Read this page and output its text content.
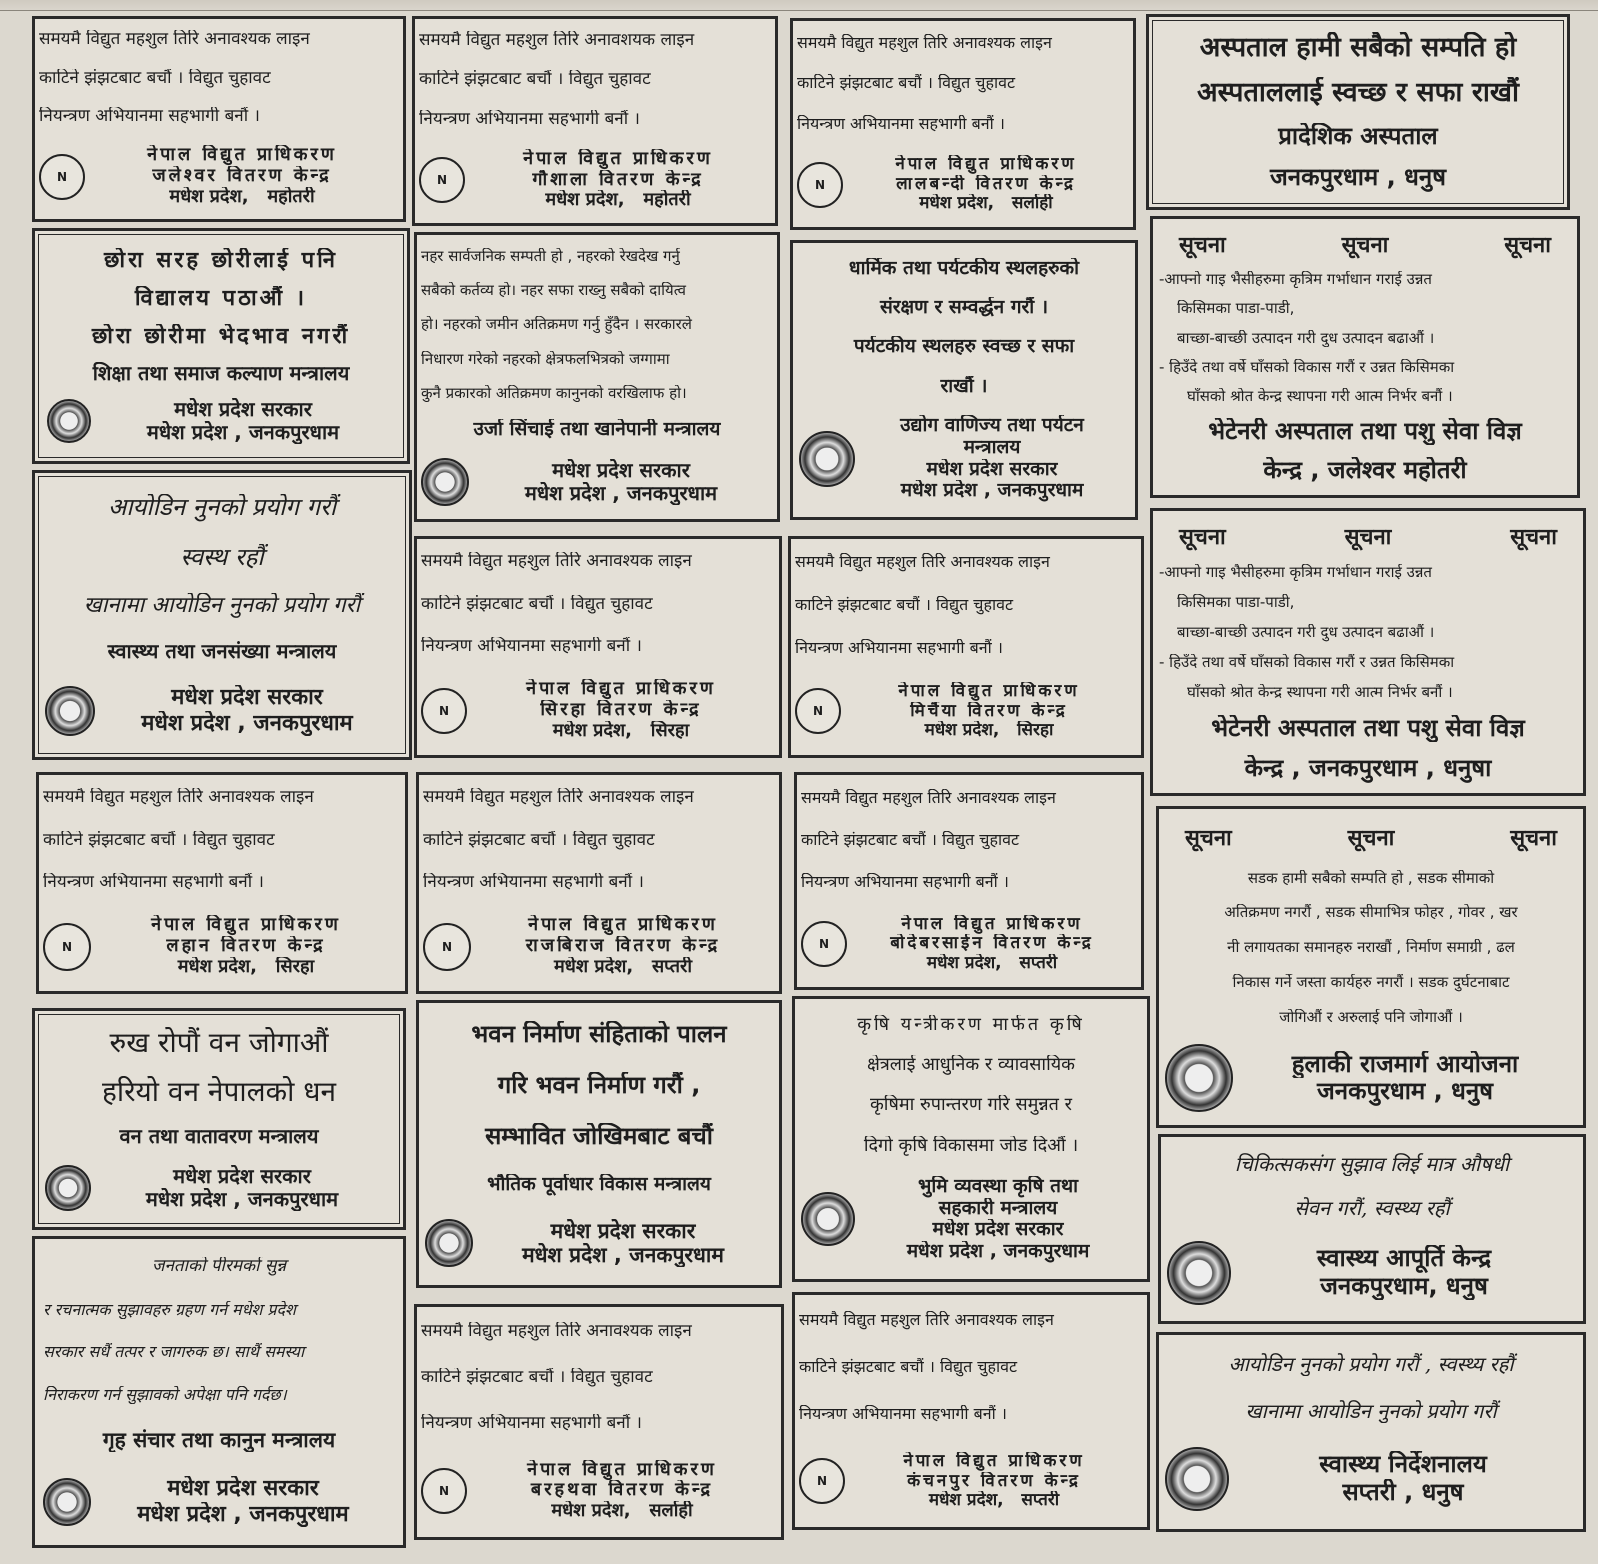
समयमै विद्युत महशुल तिरि अनावश्यक लाइन
काटिने झंझटबाट बचौं । विद्युत चुहावट
नियन्त्रण अभियानमा सहभागी बनौं ।
N
नेपाल विद्युत प्राधिकरण
जलेश्वर वितरण केन्द्र
मधेश प्रदेश, महोतरी
छोरा सरह छोरीलाई पनि
विद्यालय पठाऔं ।
छोरा छोरीमा भेदभाव नगरौं
शिक्षा तथा समाज कल्याण मन्त्रालय
मधेश प्रदेश सरकार
मधेश प्रदेश , जनकपुरधाम
आयोडिन नुनको प्रयोग गरौं
स्वस्थ रहौं
खानामा आयोडिन नुनको प्रयोग गरौं
स्वास्थ्य तथा जनसंख्या मन्त्रालय
मधेश प्रदेश सरकार
मधेश प्रदेश , जनकपुरधाम
समयमै विद्युत महशुल तिरि अनावश्यक लाइन
काटिने झंझटबाट बचौं । विद्युत चुहावट
नियन्त्रण अभियानमा सहभागी बनौं ।
N
नेपाल विद्युत प्राधिकरण
लहान वितरण केन्द्र
मधेश प्रदेश, सिरहा
रुख रोपौं वन जोगाऔं
हरियो वन नेपालको धन
वन तथा वातावरण मन्त्रालय
मधेश प्रदेश सरकार
मधेश प्रदेश , जनकपुरधाम
जनताको पीरमर्का सुन्न
र रचनात्मक सुझावहरु ग्रहण गर्न मधेश प्रदेश
सरकार सधैं तत्पर र जागरुक छ। साथैं समस्या
निराकरण गर्न सुझावको अपेक्षा पनि गर्दछ।
गृह संचार तथा कानुन मन्त्रालय
मधेश प्रदेश सरकार
मधेश प्रदेश , जनकपुरधाम
समयमै विद्युत महशुल तिरि अनावशयक लाइन
काटिने झंझटबाट बचौं । विद्युत चुहावट
नियन्त्रण अभियानमा सहभागी बनौं ।
N
नेपाल विद्युत प्राधिकरण
गौशाला वितरण केन्द्र
मधेश प्रदेश, महोतरी
नहर सार्वजनिक सम्पती हो , नहरको रेखदेख गर्नु
सबैको कर्तव्य हो। नहर सफा राख्नु सबैको दायित्व
हो। नहरको जमीन अतिक्रमण गर्नु हुँदैन । सरकारले
निधारण गरेको नहरको क्षेत्रफलभित्रको जग्गामा
कुनै प्रकारको अतिक्रमण कानुनको वरखिलाफ हो।
उर्जा सिंचाई तथा खानेपानी मन्त्रालय
मधेश प्रदेश सरकार
मधेश प्रदेश , जनकपुरधाम
समयमै विद्युत महशुल तिरि अनावश्यक लाइन
काटिने झंझटबाट बचौं । विद्युत चुहावट
नियन्त्रण अभियानमा सहभागी बनौं ।
N
नेपाल विद्युत प्राधिकरण
सिरहा वितरण केन्द्र
मधेश प्रदेश, सिरहा
समयमै विद्युत महशुल तिरि अनावश्यक लाइन
काटिने झंझटबाट बचौं । विद्युत चुहावट
नियन्त्रण अभियानमा सहभागी बनौं ।
N
नेपाल विद्युत प्राधिकरण
राजबिराज वितरण केन्द्र
मधेश प्रदेश, सप्तरी
भवन निर्माण संहिताको पालन
गरि भवन निर्माण गरौं ,
सम्भावित जोखिमबाट बचौं
भौतिक पूर्वाधार विकास मन्त्रालय
मधेश प्रदेश सरकार
मधेश प्रदेश , जनकपुरधाम
समयमै विद्युत महशुल तिरि अनावश्यक लाइन
काटिने झंझटबाट बचौं । विद्युत चुहावट
नियन्त्रण अभियानमा सहभागी बनौं ।
N
नेपाल विद्युत प्राधिकरण
बरहथवा वितरण केन्द्र
मधेश प्रदेश, सर्लाही
समयमै विद्युत महशुल तिरि अनावश्यक लाइन
काटिने झंझटबाट बचौं । विद्युत चुहावट
नियन्त्रण अभियानमा सहभागी बनौं ।
N
नेपाल विद्युत प्राधिकरण
लालबन्दी वितरण केन्द्र
मधेश प्रदेश, सर्लाही
धार्मिक तथा पर्यटकीय स्थलहरुको
संरक्षण र सम्वर्द्धन गरौं ।
पर्यटकीय स्थलहरु स्वच्छ र सफा
राखौं ।
उद्योग वाणिज्य तथा पर्यटन
मन्त्रालय
मधेश प्रदेश सरकार
मधेश प्रदेश , जनकपुरधाम
समयमै विद्युत महशुल तिरि अनावश्यक लाइन
काटिने झंझटबाट बचौं । विद्युत चुहावट
नियन्त्रण अभियानमा सहभागी बनौं ।
N
नेपाल विद्युत प्राधिकरण
मिर्चैया वितरण केन्द्र
मधेश प्रदेश, सिरहा
समयमै विद्युत महशुल तिरि अनावश्यक लाइन
काटिने झंझटबाट बचौं । विद्युत चुहावट
नियन्त्रण अभियानमा सहभागी बनौं ।
N
नेपाल विद्युत प्राधिकरण
बोदेबरसाईन वितरण केन्द्र
मधेश प्रदेश, सप्तरी
कृषि यन्त्रीकरण मार्फत कृषि
क्षेत्रलाई आधुनिक र व्यावसायिक
कृषिमा रुपान्तरण गरि समुन्नत र
दिगो कृषि विकासमा जोड दिऔं ।
भुमि व्यवस्था कृषि तथा
सहकारी मन्त्रालय
मधेश प्रदेश सरकार
मधेश प्रदेश , जनकपुरधाम
समयमै विद्युत महशुल तिरि अनावश्यक लाइन
काटिने झंझटबाट बचौं । विद्युत चुहावट
नियन्त्रण अभियानमा सहभागी बनौं ।
N
नेपाल विद्युत प्राधिकरण
कंचनपुर वितरण केन्द्र
मधेश प्रदेश, सप्तरी
अस्पताल हामी सबैको सम्पति हो
अस्पताललाई स्वच्छ र सफा राखौं
प्रादेशिक अस्पताल
जनकपुरधाम , धनुष
सूचना	सूचना	सूचना
-आफ्नो गाइ भैसीहरुमा कृत्रिम गर्भाधान गराई उन्नत
किसिमका पाडा-पाडी,
बाच्छा-बाच्छी उत्पादन गरी दुध उत्पादन बढाऔं ।
- हिउँदे तथा वर्षे घाँसको विकास गरौं र उन्नत किसिमका
घाँसको श्रोत केन्द्र स्थापना गरी आत्म निर्भर बनौं ।
भेटेनरी अस्पताल तथा पशु सेवा विज्ञ
केन्द्र , जलेश्वर महोतरी
सूचना	सूचना	सूचना
-आफ्नो गाइ भैसीहरुमा कृत्रिम गर्भाधान गराई उन्नत
किसिमका पाडा-पाडी,
बाच्छा-बाच्छी उत्पादन गरी दुध उत्पादन बढाऔं ।
- हिउँदे तथा वर्षे घाँसको विकास गरौं र उन्नत किसिमका
घाँसको श्रोत केन्द्र स्थापना गरी आत्म निर्भर बनौं ।
भेटेनरी अस्पताल तथा पशु सेवा विज्ञ
केन्द्र , जनकपुरधाम , धनुषा
सूचना	सूचना	सूचना
सडक हामी सबैको सम्पति हो , सडक सीमाको
अतिक्रमण नगरौं , सडक सीमाभित्र फोहर , गोवर , खर
नी लगायतका समानहरु नराखौं , निर्माण समाग्री , ढल
निकास गर्ने जस्ता कार्यहरु नगरौं । सडक दुर्घटनाबाट
जोगिऔं र अरुलाई पनि जोगाऔं ।
हुलाकी राजमार्ग आयोजना
जनकपुरधाम , धनुष
चिकित्सकसंग सुझाव लिई मात्र औषधी
सेवन गरौं, स्वस्थ्य रहौं
स्वास्थ्य आपूर्ति केन्द्र
जनकपुरधाम, धनुष
आयोडिन नुनको प्रयोग गरौं , स्वस्थ्य रहौं
खानामा आयोडिन नुनको प्रयोग गरौं
स्वास्थ्य निर्देशनालय
सप्तरी , धनुष
